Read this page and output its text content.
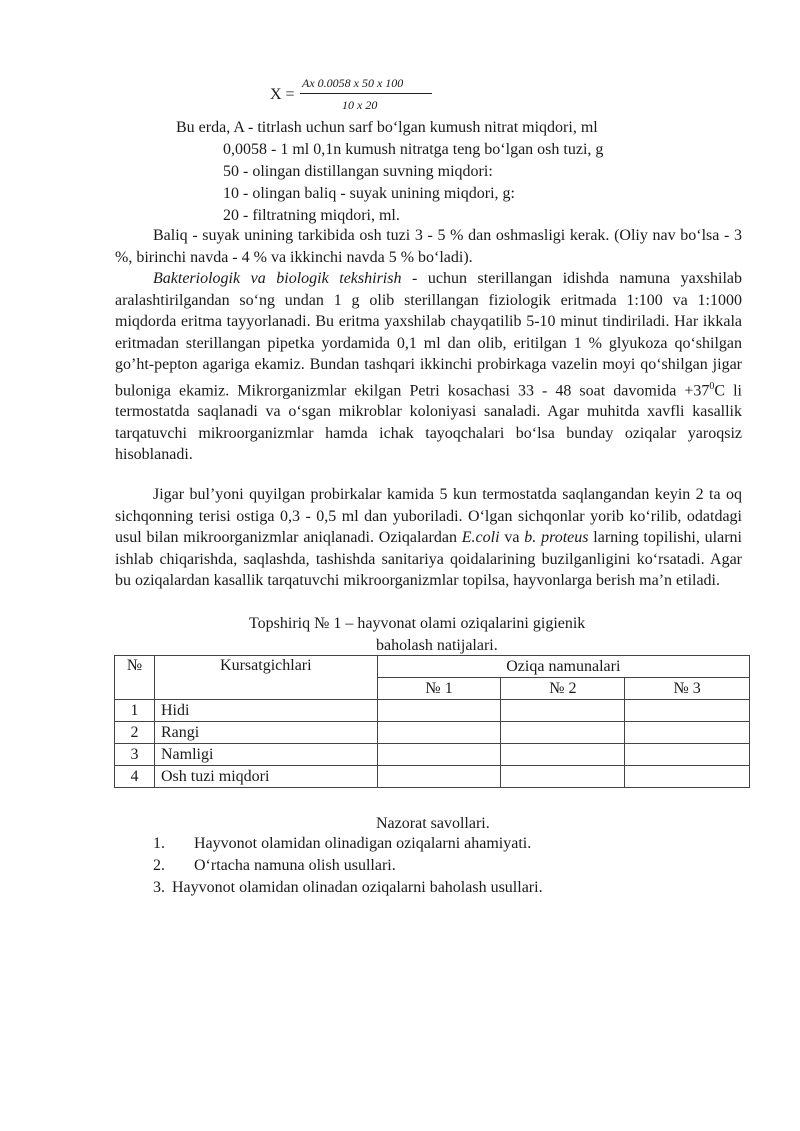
X =
Ax 0.0058 x 50 x 100
10 x 20
Bu erda, A - titrlash uchun sarf bo‘lgan kumush nitrat miqdori, ml
0,0058 - 1 ml 0,1n kumush nitratga teng bo‘lgan osh tuzi, g
50 - olingan distillangan suvning miqdori:
10 - olingan baliq - suyak unining miqdori, g:
20 - filtratning miqdori, ml.
Baliq - suyak unining tarkibida osh tuzi 3 - 5 % dan oshmasligi kerak. (Oliy nav bo‘lsa - 3 %, birinchi navda - 4 % va ikkinchi navda 5 % bo‘ladi).
Bakteriologik va biologik tekshirish - uchun sterillangan idishda namuna yaxshilab aralashtirilgandan so‘ng undan 1 g olib sterillangan fiziologik eritmada 1:100 va 1:1000 miqdorda eritma tayyorlanadi. Bu eritma yaxshilab chayqatilib 5-10 minut tindiriladi. Har ikkala eritmadan sterillangan pipetka yordamida 0,1 ml dan olib, eritilgan 1 % glyukoza qo‘shilgan go’ht-pepton agariga ekamiz. Bundan tashqari ikkinchi probirkaga vazelin moyi qo‘shilgan jigar buloniga ekamiz. Mikrorganizmlar ekilgan Petri kosachasi 33 - 48 soat davomida $+37^0C$ li termostatda saqlanadi va o‘sgan mikroblar koloniyasi sanaladi. Agar muhitda xavfli kasallik tarqatuvchi mikroorganizmlar hamda ichak tayoqchalari bo‘lsa bunday oziqalar yaroqsiz hisoblanadi.
Jigar bul’yoni quyilgan probirkalar kamida 5 kun termostatda saqlangandan keyin 2 ta oq sichqonning terisi ostiga 0,3 - 0,5 ml dan yuboriladi. O‘lgan sichqonlar yorib ko‘rilib, odatdagi usul bilan mikroorganizmlar aniqlanadi. Oziqalardan E.coli va b. proteus larning topilishi, ularni ishlab chiqarishda, saqlashda, tashishda sanitariya qoidalarining buzilganligini ko‘rsatadi. Agar bu oziqalardan kasallik tarqatuvchi mikroorganizmlar topilsa, hayvonlarga berish ma’n etiladi.
Topshiriq № 1 – hayvonat olami oziqalarini gigienik
baholash natijalari.
№	Kursatgichlari	Oziqa namunalari		
		№ 1	№ 2	№ 3
1	Hidi			
2	Rangi			
3	Namligi			
4	Osh tuzi miqdori			
Nazorat savollari.
1. Hayvonot olamidan olinadigan oziqalarni ahamiyati.
2. O‘rtacha namuna olish usullari.
3. Hayvonot olamidan olinadan oziqalarni baholash usullari.
